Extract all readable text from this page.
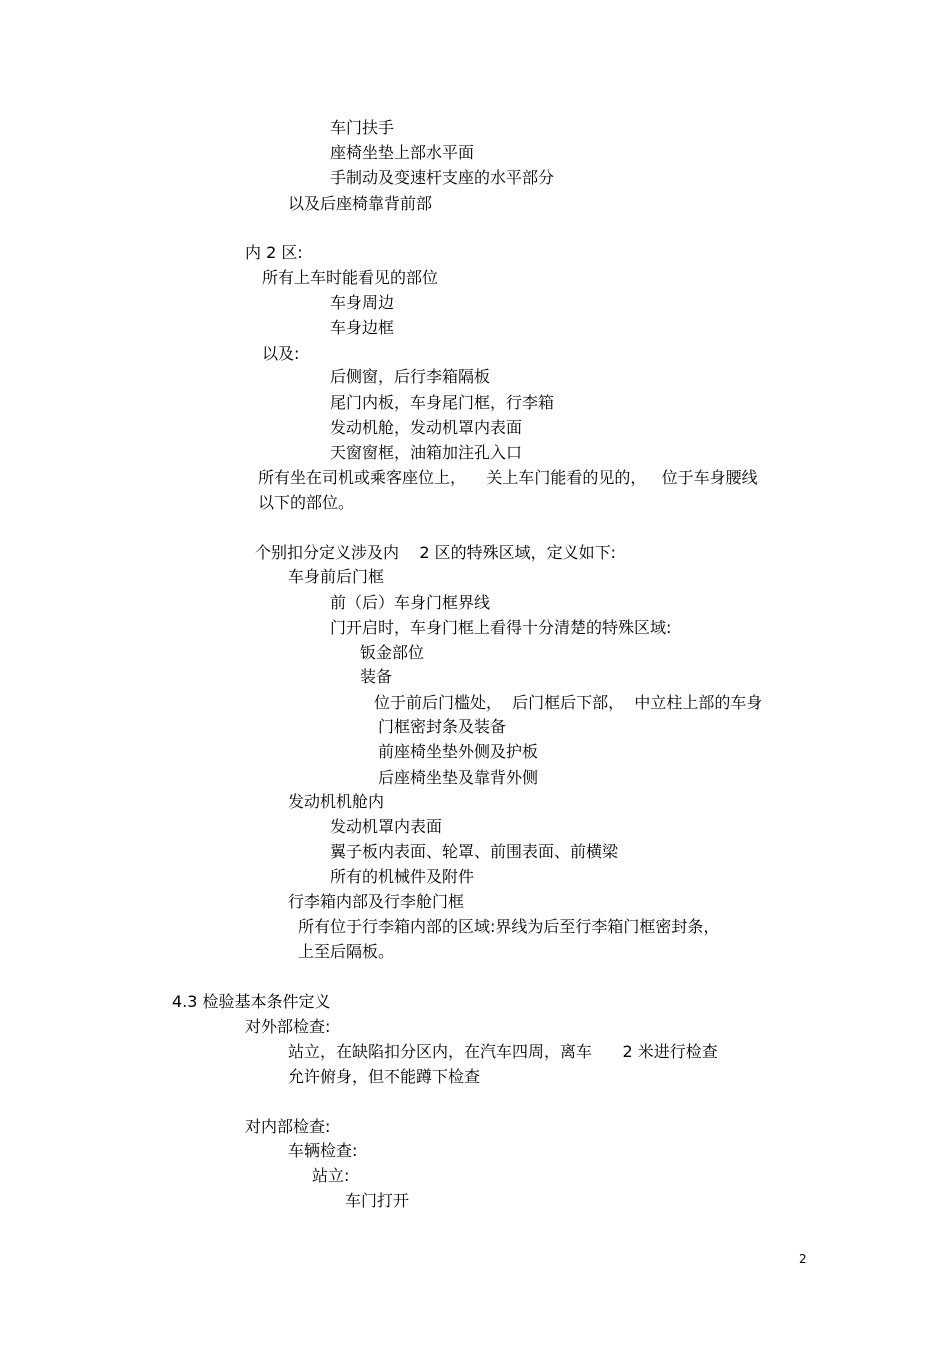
车门扶手
座椅坐垫上部水平面
手制动及变速杆支座的水平部分
以及后座椅靠背前部
内 2 区:
所有上车时能看见的部位
车身周边
车身边框
以及:
后侧窗，后行李箱隔板
尾门内板，车身尾门框，行李箱
发动机舱，发动机罩内表面
天窗窗框，油箱加注孔入口
所有坐在司机或乘客座位上，    关上车门能看的见的，   位于车身腰线
以下的部位。
个别扣分定义涉及内    2 区的特殊区域，定义如下:
车身前后门框
前（后）车身门框界线
门开启时，车身门框上看得十分清楚的特殊区域:
钣金部位
装备
位于前后门槛处，  后门框后下部，  中立柱上部的车身
门框密封条及装备
前座椅坐垫外侧及护板
后座椅坐垫及靠背外侧
发动机机舱内
发动机罩内表面
翼子板内表面、轮罩、前围表面、前横梁
所有的机械件及附件
行李箱内部及行李舱门框
所有位于行李箱内部的区域:界线为后至行李箱门框密封条，
上至后隔板。
4.3 检验基本条件定义
对外部检查:
站立，在缺陷扣分区内，在汽车四周，离车      2 米进行检查
允许俯身，但不能蹲下检查
对内部检查:
车辆检查:
站立:
车门打开
2
